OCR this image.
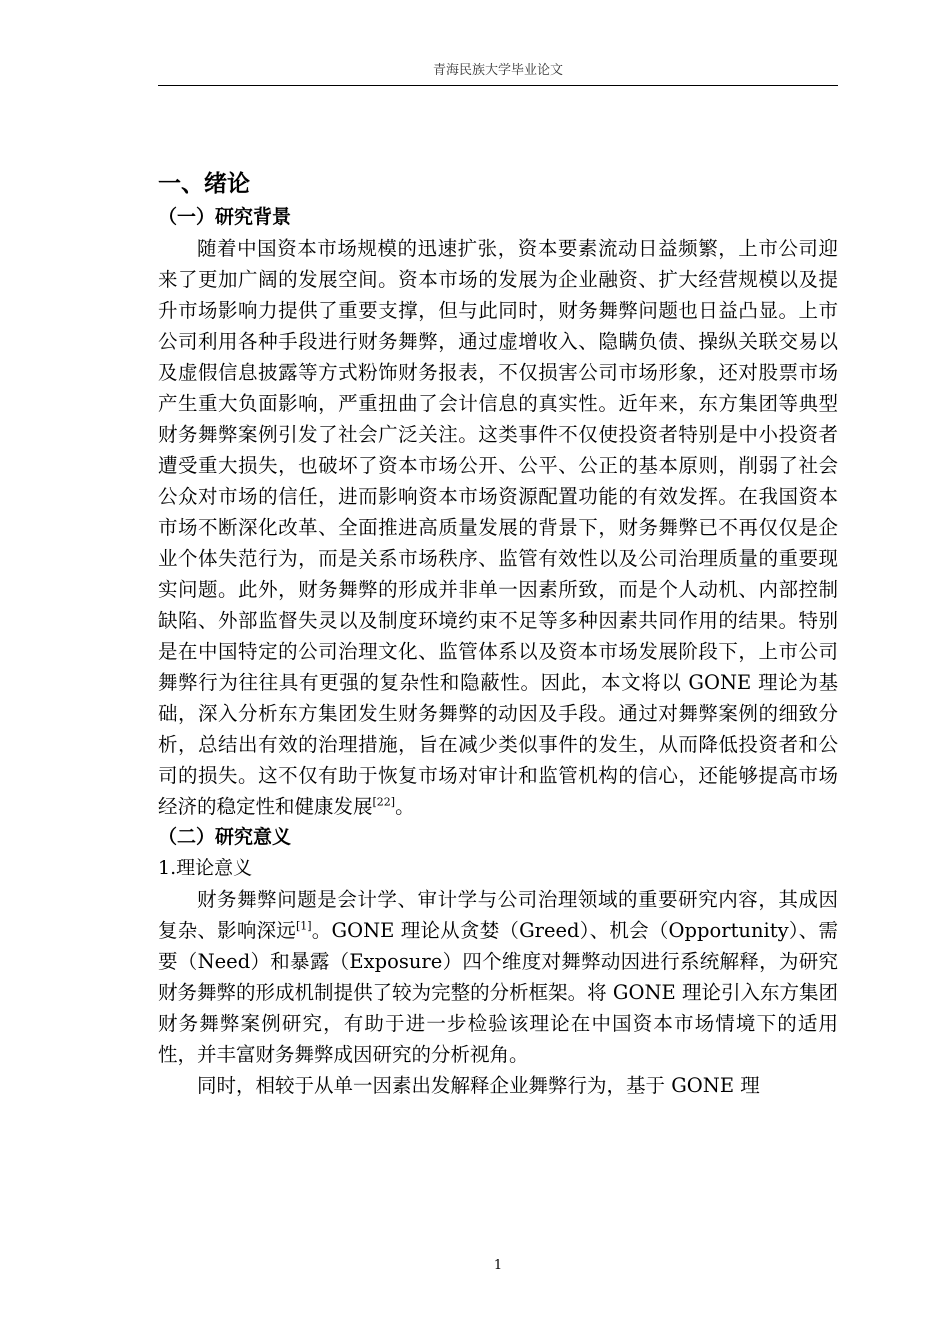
青海民族大学毕业论文

一、绪论

（一）研究背景

随着中国资本市场规模的迅速扩张，资本要素流动日益频繁，上市公司迎来了更加广阔的发展空间。资本市场的发展为企业融资、扩大经营规模以及提升市场影响力提供了重要支撑，但与此同时，财务舞弊问题也日益凸显。上市公司利用各种手段进行财务舞弊，通过虚增收入、隐瞒负债、操纵关联交易以及虚假信息披露等方式粉饰财务报表，不仅损害公司市场形象，还对股票市场产生重大负面影响，严重扭曲了会计信息的真实性。近年来，东方集团等典型财务舞弊案例引发了社会广泛关注。这类事件不仅使投资者特别是中小投资者遭受重大损失，也破坏了资本市场公开、公平、公正的基本原则，削弱了社会公众对市场的信任，进而影响资本市场资源配置功能的有效发挥。在我国资本市场不断深化改革、全面推进高质量发展的背景下，财务舞弊已不再仅仅是企业个体失范行为，而是关系市场秩序、监管有效性以及公司治理质量的重要现实问题。此外，财务舞弊的形成并非单一因素所致，而是个人动机、内部控制缺陷、外部监督失灵以及制度环境约束不足等多种因素共同作用的结果。特别是在中国特定的公司治理文化、监管体系以及资本市场发展阶段下，上市公司舞弊行为往往具有更强的复杂性和隐蔽性。因此，本文将以 GONE 理论为基础，深入分析东方集团发生财务舞弊的动因及手段。通过对舞弊案例的细致分析，总结出有效的治理措施，旨在减少类似事件的发生，从而降低投资者和公司的损失。这不仅有助于恢复市场对审计和监管机构的信心，还能够提高市场经济的稳定性和健康发展[22]。

（二）研究意义

1.理论意义

财务舞弊问题是会计学、审计学与公司治理领域的重要研究内容，其成因复杂、影响深远[1]。GONE 理论从贪婪（Greed）、机会（Opportunity）、需要（Need）和暴露（Exposure）四个维度对舞弊动因进行系统解释，为研究财务舞弊的形成机制提供了较为完整的分析框架。将 GONE 理论引入东方集团财务舞弊案例研究，有助于进一步检验该理论在中国资本市场情境下的适用性，并丰富财务舞弊成因研究的分析视角。

同时，相较于从单一因素出发解释企业舞弊行为，基于 GONE 理

1
